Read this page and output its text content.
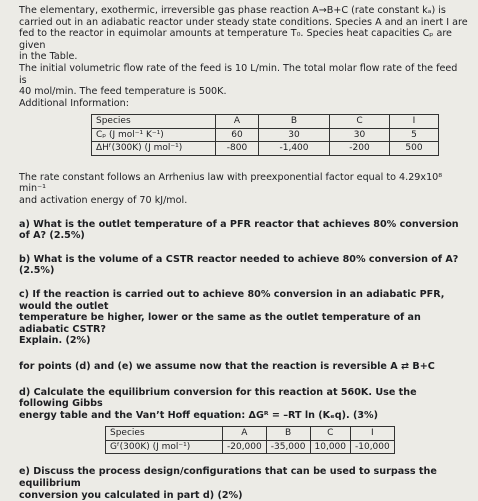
The elementary, exothermic, irreversible gas phase reaction A→B+C (rate constant kₐ) is

carried out in an adiabatic reactor under steady state conditions. Species A and an inert I are

fed to the reactor in equimolar amounts at temperature T₀. Species heat capacities Cₚ are given

in the Table.

The initial volumetric flow rate of the feed is 10 L/min. The total molar flow rate of the feed is

40 mol/min. The feed temperature is 500K.

Additional Information:

Species	A	B	C	I
Cₚ (J mol⁻¹ K⁻¹)	60	30	30	5
ΔHᶠ(300K) (J mol⁻¹)	-800	-1,400	-200	500

The rate constant follows an Arrhenius law with preexponential factor equal to 4.29x10⁸ min⁻¹

and activation energy of 70 kJ/mol.

a) What is the outlet temperature of a PFR reactor that achieves 80% conversion of A? (2.5%)

b) What is the volume of a CSTR reactor needed to achieve 80% conversion of A? (2.5%)

c) If the reaction is carried out to achieve 80% conversion in an adiabatic PFR, would the outlet

temperature be higher, lower or the same as the outlet temperature of an adiabatic CSTR?

Explain. (2%)

for points (d) and (e) we assume now that the reaction is reversible A ⇄ B+C

d) Calculate the equilibrium conversion for this reaction at 560K. Use the following Gibbs

energy table and the Van’t Hoff equation: ΔGᴿ = –RT ln (Kₑq). (3%)

Species	A	B	C	I
Gᶠ(300K) (J mol⁻¹)	-20,000	-35,000	10,000	-10,000

e) Discuss the process design/configurations that can be used to surpass the equilibrium

conversion you calculated in part d) (2%)
